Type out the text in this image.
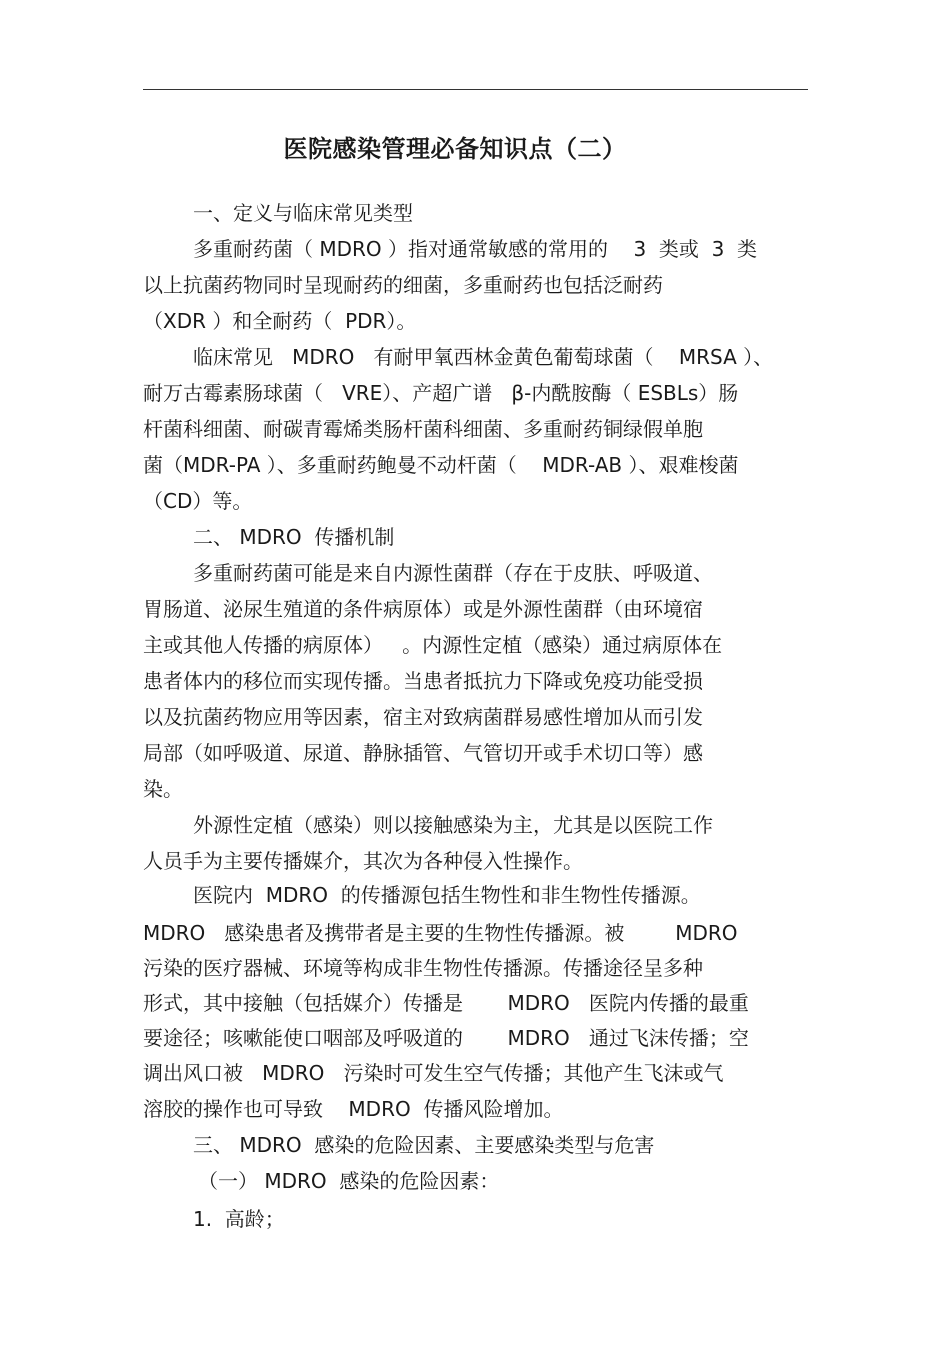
医院感染管理必备知识点（二）

一、定义与临床常见类型

多重耐药菌（ MDRO ）指对通常敏感的常用的    3  类或  3  类

以上抗菌药物同时呈现耐药的细菌，多重耐药也包括泛耐药

（XDR ）和全耐药（  PDR）。

临床常见   MDRO   有耐甲氧西林金黄色葡萄球菌（    MRSA ）、

耐万古霉素肠球菌（   VRE）、产超广谱   β-内酰胺酶（ ESBLs）肠

杆菌科细菌、耐碳青霉烯类肠杆菌科细菌、多重耐药铜绿假单胞

菌（MDR-PA ）、多重耐药鲍曼不动杆菌（    MDR-AB ）、艰难梭菌

（CD）等。

二、 MDRO  传播机制

多重耐药菌可能是来自内源性菌群（存在于皮肤、呼吸道、

胃肠道、泌尿生殖道的条件病原体）或是外源性菌群（由环境宿

主或其他人传播的病原体）   。内源性定植（感染）通过病原体在

患者体内的移位而实现传播。当患者抵抗力下降或免疫功能受损

以及抗菌药物应用等因素，宿主对致病菌群易感性增加从而引发

局部（如呼吸道、尿道、静脉插管、气管切开或手术切口等）感

染。

外源性定植（感染）则以接触感染为主，尤其是以医院工作

人员手为主要传播媒介，其次为各种侵入性操作。

医院内  MDRO  的传播源包括生物性和非生物性传播源。

MDRO   感染患者及携带者是主要的生物性传播源。被        MDRO

污染的医疗器械、环境等构成非生物性传播源。传播途径呈多种

形式，其中接触（包括媒介）传播是       MDRO   医院内传播的最重

要途径；咳嗽能使口咽部及呼吸道的       MDRO   通过飞沫传播；空

调出风口被   MDRO   污染时可发生空气传播；其他产生飞沫或气

溶胶的操作也可导致    MDRO  传播风险增加。

三、 MDRO  感染的危险因素、主要感染类型与危害

（一） MDRO  感染的危险因素：

1.  高龄；
